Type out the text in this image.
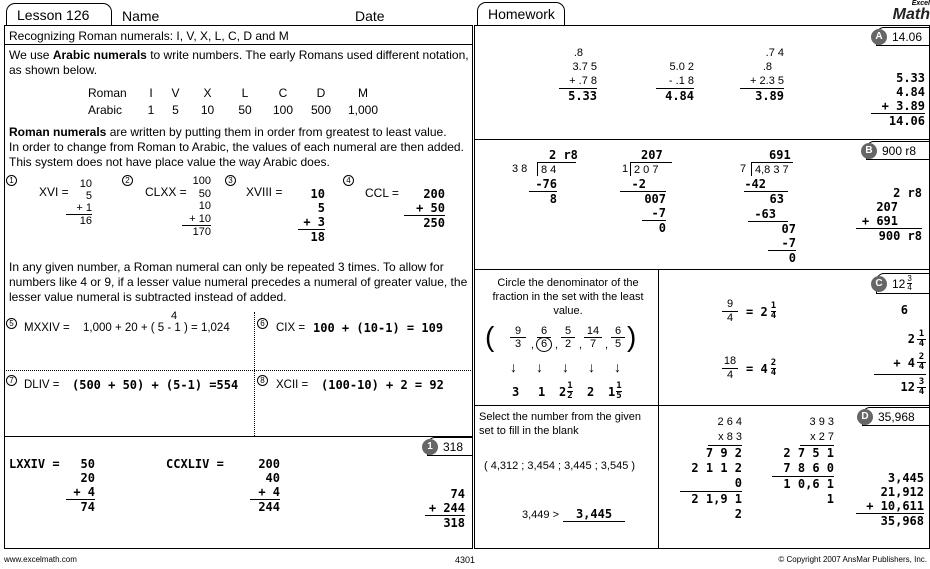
Lesson 126	Name	Date	Homework
Excel
Math
Recognizing Roman numerals: I, V, X, L, C, D and M
We use Arabic numerals to write numbers. The early Romans used different notation, as shown below.
Roman	I	V	X	L	C	D	M
Arabic	1	5	10	50	100	500	1,000
Roman numerals are written by putting them in order from greatest to least value.
In order to change from Roman to Arabic, the values of each numeral are then added.
This system does not have place value the way Arabic does.
1
XVI =
10
5
+ 1
16
2
CLXX =
100
50
10
+ 10
170
3
XVIII =	10
5
+ 3
18
4
CCL =	200
+ 50
250
In any given number, a Roman numeral can only be repeated 3 times. To allow for numbers like 4 or 9, if a lesser value numeral precedes a numeral of greater value, the lesser value numeral is subtracted instead of added.
5
4
MXXIV = 1,000 + 20 + ( 5 - 1 ) = 1,024	6 CIX = 100 + (10-1) = 109
7 DLIV = (500 + 50) + (5-1) =554	8 XCII = (100-10) + 2 = 92
1 318
LXXIV =	50
20
+ 4
74
CCXLIV =	200
40
+ 4
244
74
+ 244
318
A 14.06
.8
3.7 5
+ .7 8
5.33
5.0 2
- .1 8
4.84
.7 4
.8
+ 2.3 5
3.89
5.33
4.84
+ 3.89
14.06
B 900 r8
2 r8
3 8	8 4
-76
8
207
1 2 0 7
-2
007
-7
0
691
7 4,8 3 7
-42
63
-63
07
-7
0
2 r8
207
+ 691
900 r8
C $12 \frac{3}{4}$
Circle the denominator of the fraction in the set with the least value.
(	)
9
3 ,
6
6 ,
5
2 ,
14
7 ,
$\frac{6}{5}$
↓	↓	↓	↓	↓
3	1	$2 \frac{1}{2} 2$	$1 \frac{1}{5}$
$\frac{9}{4} = 2 \frac{1}{4}$
$\frac{18}{4} = 4 \frac{2}{4}$
6
$2 \frac{1}{4}$
+ $4 \frac{2}{4}$
$12 \frac{3}{4}$
D 35,968
Select the number from the given set to fill in the blank
( 4,312 ; 3,454 ; 3,445 ; 3,545 )
3,449 >	3,445
2 6 4
x 8 3
7 9 2
2 1 1 2 0
2 1,9 1 2
3 9 3
x 2 7
2 7 5 1
7 8 6 0
1 0,6 1 1
3,445
21,912
+ 10,611
35,968
www.excelmath.com	4301	© Copyright 2007 AnsMar Publishers, Inc.
